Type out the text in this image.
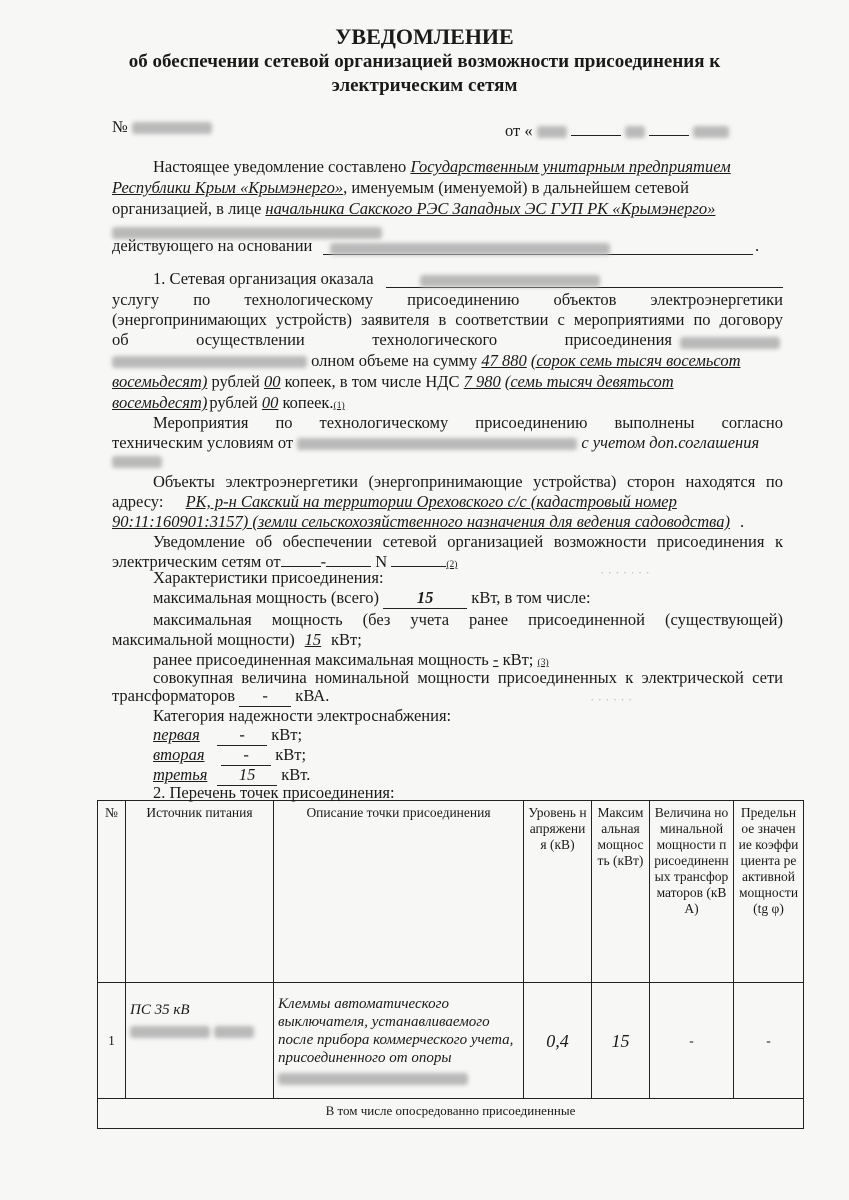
· · · · · · ·
· · · · · ·
УВЕДОМЛЕНИЕ
об обеспечении сетевой организацией возможности присоединения к
электрическим сетям
№	от «
Настоящее уведомление составлено Государственным унитарным предприятием
Республики Крым «Крымэнерго», именуемым (именуемой) в дальнейшем сетевой
организацией, в лице начальника Сакского РЭС Западных ЭС ГУП РК «Крымэнерго»
действующего на основании	.
1. Сетевая организация оказала
услугу по технологическому присоединению объектов электроэнергетики
(энергопринимающих устройств) заявителя в соответствии с мероприятиями по договору
об осуществлении технологического присоединения
олном объеме на сумму 47 880 (сорок семь тысяч восемьсот
восемьдесят) рублей 00 копеек, в том числе НДС 7 980 (семь тысяч девятьсот
восемьдесят) рублей 00 копеек.(1)
Мероприятия по технологическому присоединению выполнены согласно
техническим условиям от	с учетом доп.соглашения
Объекты электроэнергетики (энергопринимающие устройства) сторон находятся по
адресу: РК, р-н Сакский на территории Ореховского с/с (кадастровый номер
90:11:160901:3157) (земли сельскохозяйственного назначения для ведения садоводства) .
Уведомление об обеспечении сетевой организацией возможности присоединения к
электрическим сетям от -	N	(2)
Характеристики присоединения:
максимальная мощность (всего) 15 кВт, в том числе:
максимальная мощность (без учета ранее присоединенной (существующей)
максимальной мощности) 15 кВт;
ранее присоединенная максимальная мощность - кВт; (3)
совокупная величина номинальной мощности присоединенных к электрической сети
трансформаторов - кВА.
Категория надежности электроснабжения:
первая - кВт;
вторая - кВт;
третья 15 кВт.
2. Перечень точек присоединения:
№	Источник питания	Описание точки присоединения	Уровень напряжения (кВ)	Максимальная мощность (кВт)	Величина номинальной мощности присоединенных трансформаторов (кВА)	Предельное значение коэффициента реактивной мощности (tg φ)
1	ПС 35 кВ	Клеммы автоматического выключателя, устанавливаемого после прибора коммерческого учета, присоединенного от опоры	0,4	15	-	-
В том числе опосредованно присоединенные						
